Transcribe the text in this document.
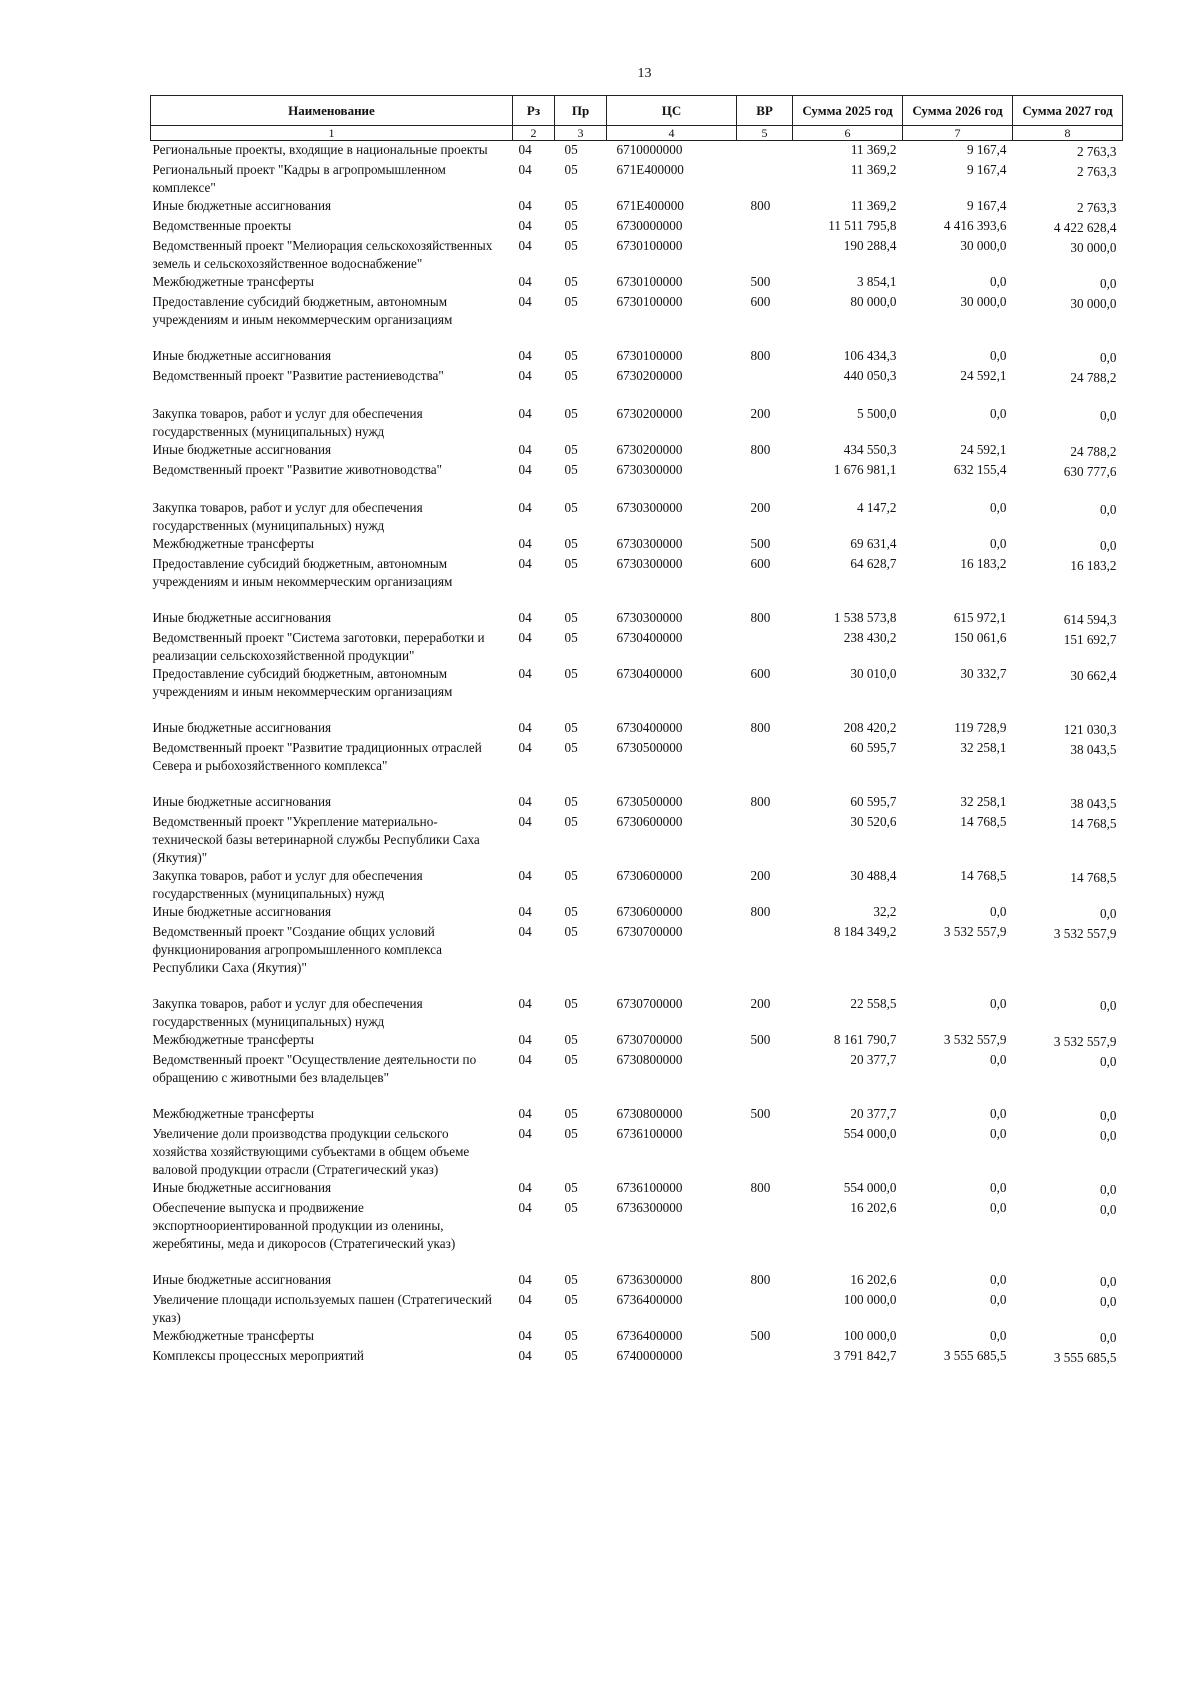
13
Наименование	Рз	Пр	ЦС	ВР	Сумма 2025 год	Сумма 2026 год	Сумма 2027 год
1	2	3	4	5	6	7	8
Региональные проекты, входящие в национальные проекты	04	05	6710000000		11 369,2	9 167,4	2 763,3
Региональный проект "Кадры в агропромышленном комплексе"	04	05	671E400000		11 369,2	9 167,4	2 763,3
Иные бюджетные ассигнования	04	05	671E400000	800	11 369,2	9 167,4	2 763,3
Ведомственные проекты	04	05	6730000000		11 511 795,8	4 416 393,6	4 422 628,4
Ведомственный проект "Мелиорация сельскохозяйственных земель и сельскохозяйственное водоснабжение"	04	05	6730100000		190 288,4	30 000,0	30 000,0
Межбюджетные трансферты	04	05	6730100000	500	3 854,1	0,0	0,0
Предоставление субсидий бюджетным, автономным учреждениям и иным некоммерческим организациям	04	05	6730100000	600	80 000,0	30 000,0	30 000,0
Иные бюджетные ассигнования	04	05	6730100000	800	106 434,3	0,0	0,0
Ведомственный проект "Развитие растениеводства"	04	05	6730200000		440 050,3	24 592,1	24 788,2
Закупка товаров, работ и услуг для обеспечения государственных (муниципальных) нужд	04	05	6730200000	200	5 500,0	0,0	0,0
Иные бюджетные ассигнования	04	05	6730200000	800	434 550,3	24 592,1	24 788,2
Ведомственный проект "Развитие животноводства"	04	05	6730300000		1 676 981,1	632 155,4	630 777,6
Закупка товаров, работ и услуг для обеспечения государственных (муниципальных) нужд	04	05	6730300000	200	4 147,2	0,0	0,0
Межбюджетные трансферты	04	05	6730300000	500	69 631,4	0,0	0,0
Предоставление субсидий бюджетным, автономным учреждениям и иным некоммерческим организациям	04	05	6730300000	600	64 628,7	16 183,2	16 183,2
Иные бюджетные ассигнования	04	05	6730300000	800	1 538 573,8	615 972,1	614 594,3
Ведомственный проект "Система заготовки, переработки и реализации сельскохозяйственной продукции"	04	05	6730400000		238 430,2	150 061,6	151 692,7
Предоставление субсидий бюджетным, автономным учреждениям и иным некоммерческим организациям	04	05	6730400000	600	30 010,0	30 332,7	30 662,4
Иные бюджетные ассигнования	04	05	6730400000	800	208 420,2	119 728,9	121 030,3
Ведомственный проект "Развитие традиционных отраслей Севера и рыбохозяйственного комплекса"	04	05	6730500000		60 595,7	32 258,1	38 043,5
Иные бюджетные ассигнования	04	05	6730500000	800	60 595,7	32 258,1	38 043,5
Ведомственный проект "Укрепление материально-технической базы ветеринарной службы Республики Саха (Якутия)"	04	05	6730600000		30 520,6	14 768,5	14 768,5
Закупка товаров, работ и услуг для обеспечения государственных (муниципальных) нужд	04	05	6730600000	200	30 488,4	14 768,5	14 768,5
Иные бюджетные ассигнования	04	05	6730600000	800	32,2	0,0	0,0
Ведомственный проект "Создание общих условий функционирования агропромышленного комплекса Республики Саха (Якутия)"	04	05	6730700000		8 184 349,2	3 532 557,9	3 532 557,9
Закупка товаров, работ и услуг для обеспечения государственных (муниципальных) нужд	04	05	6730700000	200	22 558,5	0,0	0,0
Межбюджетные трансферты	04	05	6730700000	500	8 161 790,7	3 532 557,9	3 532 557,9
Ведомственный проект "Осуществление деятельности по обращению с животными без владельцев"	04	05	6730800000		20 377,7	0,0	0,0
Межбюджетные трансферты	04	05	6730800000	500	20 377,7	0,0	0,0
Увеличение доли производства продукции сельского хозяйства хозяйствующими субъектами в общем объеме валовой продукции отрасли (Стратегический указ)	04	05	6736100000		554 000,0	0,0	0,0
Иные бюджетные ассигнования	04	05	6736100000	800	554 000,0	0,0	0,0
Обеспечение выпуска и продвижение экспортноориентированной продукции из оленины, жеребятины, меда и дикоросов (Стратегический указ)	04	05	6736300000		16 202,6	0,0	0,0
Иные бюджетные ассигнования	04	05	6736300000	800	16 202,6	0,0	0,0
Увеличение площади используемых пашен (Стратегический указ)	04	05	6736400000		100 000,0	0,0	0,0
Межбюджетные трансферты	04	05	6736400000	500	100 000,0	0,0	0,0
Комплексы процессных мероприятий	04	05	6740000000		3 791 842,7	3 555 685,5	3 555 685,5
